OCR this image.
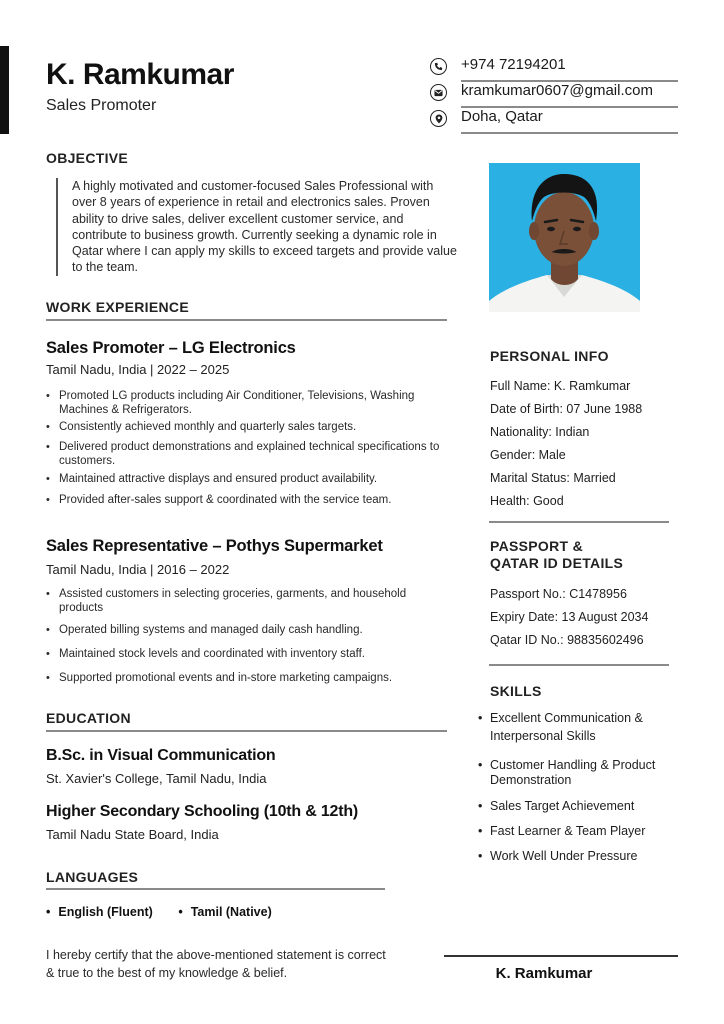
K. Ramkumar
Sales Promoter
+974 72194201
kramkumar0607@gmail.com
Doha, Qatar
OBJECTIVE
A highly motivated and customer-focused Sales Professional with over 8 years of experience in retail and electronics sales. Proven ability to drive sales, deliver excellent customer service, and contribute to business growth. Currently seeking a dynamic role in Qatar where I can apply my skills to exceed targets and provide value to the team.
WORK EXPERIENCE
Sales Promoter – LG Electronics
Tamil Nadu, India | 2022 – 2025
• Promoted LG products including Air Conditioner, Televisions, Washing Machines & Refrigerators.
• Consistently achieved monthly and quarterly sales targets.
• Delivered product demonstrations and explained technical specifications to customers.
• Maintained attractive displays and ensured product availability.
• Provided after-sales support & coordinated with the service team.
Sales Representative – Pothys Supermarket
Tamil Nadu, India | 2016 – 2022
• Assisted customers in selecting groceries, garments, and household products
• Operated billing systems and managed daily cash handling.
• Maintained stock levels and coordinated with inventory staff.
• Supported promotional events and in-store marketing campaigns.
EDUCATION
B.Sc. in Visual Communication
St. Xavier's College, Tamil Nadu, India
Higher Secondary Schooling (10th & 12th)
Tamil Nadu State Board, India
LANGUAGES
• English (Fluent) •	Tamil (Native)
I hereby certify that the above-mentioned statement is correct & true to the best of my knowledge & belief.	K. Ramkumar
PERSONAL INFO
Full Name: K. Ramkumar
Date of Birth: 07 June 1988
Nationality: Indian
Gender: Male
Marital Status: Married
Health: Good
PASSPORT &
QATAR ID DETAILS
Passport No.: C1478956
Expiry Date: 13 August 2034
Qatar ID No.: 98835602496
SKILLS
• Excellent Communication & Interpersonal Skills
• Customer Handling & Product Demonstration
• Sales Target Achievement
• Fast Learner & Team Player
• Work Well Under Pressure
